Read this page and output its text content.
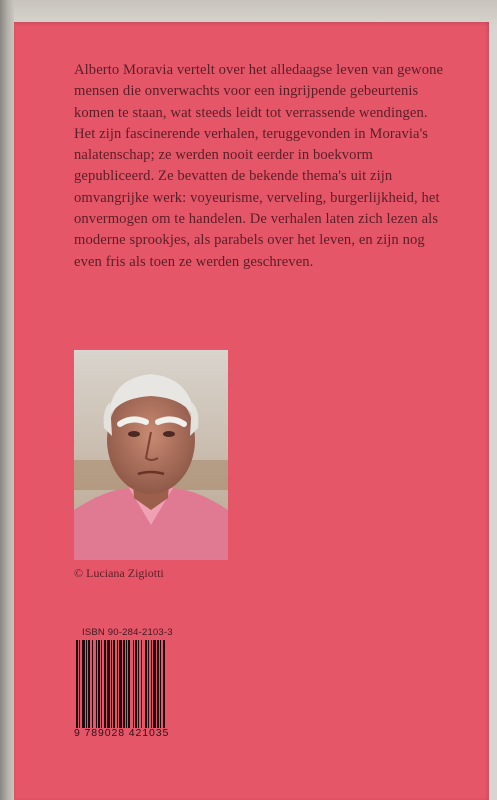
Alberto Moravia vertelt over het alledaagse leven van gewone mensen die onverwachts voor een ingrijpende gebeurtenis komen te staan, wat steeds leidt tot verrassende wendingen.

Het zijn fascinerende verhalen, teruggevonden in Moravia's nalatenschap; ze werden nooit eerder in boekvorm gepubliceerd. Ze bevatten de bekende thema's uit zijn omvangrijke werk: voyeurisme, verveling, burgerlijkheid, het onvermogen om te handelen. De verhalen laten zich lezen als moderne sprookjes, als parabels over het leven, en zijn nog even fris als toen ze werden geschreven.

© Luciana Zigiotti
ISBN 90-284-2103-3
9 789028 421035
